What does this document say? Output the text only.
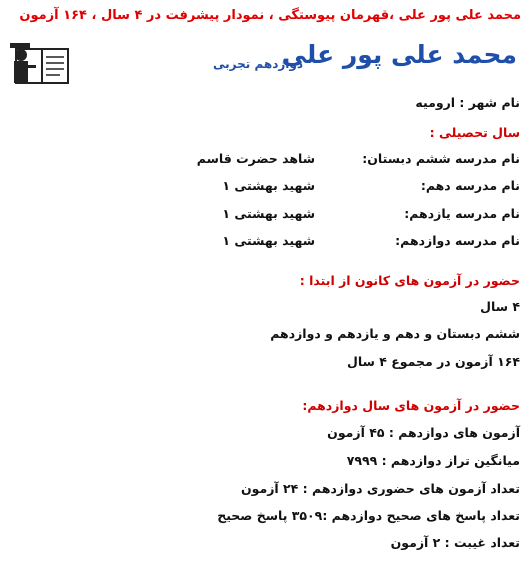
محمد علی پور علی ،قهرمان پیوستگی ، نمودار پیشرفت در ۴ سال ، ۱۶۴ آزمون
محمد علی پور علی
دوازدهم تجربی
نام شهر : ارومیه
سال تحصیلی :
نام مدرسه ششم دبستان:
شاهد حضرت قاسم
نام مدرسه دهم:
شهید بهشتی ۱
نام مدرسه یازدهم:
شهید بهشتی ۱
نام مدرسه دوازدهم:
شهید بهشتی ۱
حضور در آزمون های کانون از ابتدا :
۴ سال
ششم دبستان و دهم و یازدهم و دوازدهم
۱۶۴ آزمون در مجموع ۴ سال
حضور در آزمون های سال دوازدهم:
آزمون های دوازدهم : ۴۵ آزمون
میانگین تراز دوازدهم : ۷۹۹۹
تعداد آزمون های حضوری دوازدهم : ۲۴ آزمون
تعداد پاسخ های صحیح دوازدهم :۳۵۰۹ پاسخ صحیح
تعداد غیبت : ۲ آزمون
